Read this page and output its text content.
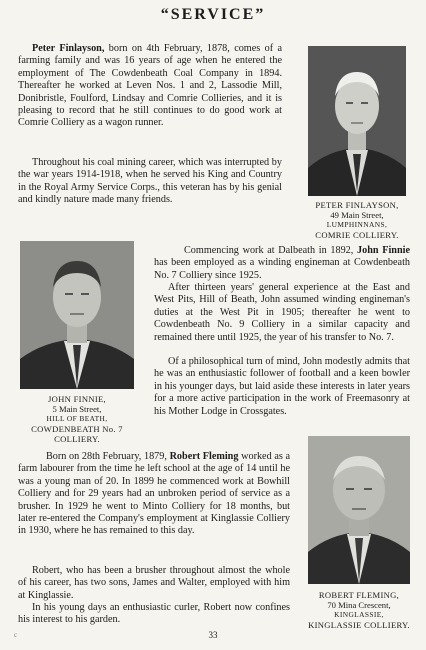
“SERVICE”

Peter Finlayson, born on 4th February, 1878, comes of a farming family and was 16 years of age when he entered the employment of The Cowdenbeath Coal Company in 1894. Thereafter he worked at Leven Nos. 1 and 2, Lassodie Mill, Donibristle, Foulford, Lindsay and Comrie Collieries, and it is pleasing to record that he still continues to do good work at Comrie Colliery as a wagon runner.

Throughout his coal mining career, which was interrupted by the war years 1914-1918, when he served his King and Country in the Royal Army Service Corps., this veteran has by his genial and kindly nature made many friends.	PETER FINLAYSON,
49 Main Street,
LUMPHINNANS,
COMRIE COLLIERY.
JOHN FINNIE,
5 Main Street,
HILL OF BEATH,
COWDENBEATH No. 7
COLLIERY.

Commencing work at Dalbeath in 1892, John Finnie has been employed as a winding engineman at Cowdenbeath No. 7 Colliery since 1925.

After thirteen years' general experience at the East and West Pits, Hill of Beath, John assumed winding engineman's duties at the West Pit in 1905; thereafter he went to Cowdenbeath No. 9 Colliery in a similar capacity and remained there until 1925, the year of his transfer to No. 7.

Of a philosophical turn of mind, John modestly admits that he was an enthusiastic follower of football and a keen bowler in his younger days, but laid aside these interests in later years for a more active participation in the work of Freemasonry at his Mother Lodge in Crossgates.

Born on 28th February, 1879, Robert Fleming worked as a farm labourer from the time he left school at the age of 14 until he was a young man of 20. In 1899 he commenced work at Bowhill Colliery and for 29 years had an unbroken period of service as a brusher. In 1929 he went to Minto Colliery for 18 months, but later re-entered the Company's employment at Kinglassie Colliery in 1930, where he has remained to this day.

Robert, who has been a brusher throughout almost the whole of his career, has two sons, James and Walter, employed with him at Kinglassie.

In his young days an enthusiastic curler, Robert now confines his interest to his garden.

ROBERT FLEMING,
70 Mina Crescent,
KINGLASSIE,
KINGLASSIE COLLIERY.
c	33
